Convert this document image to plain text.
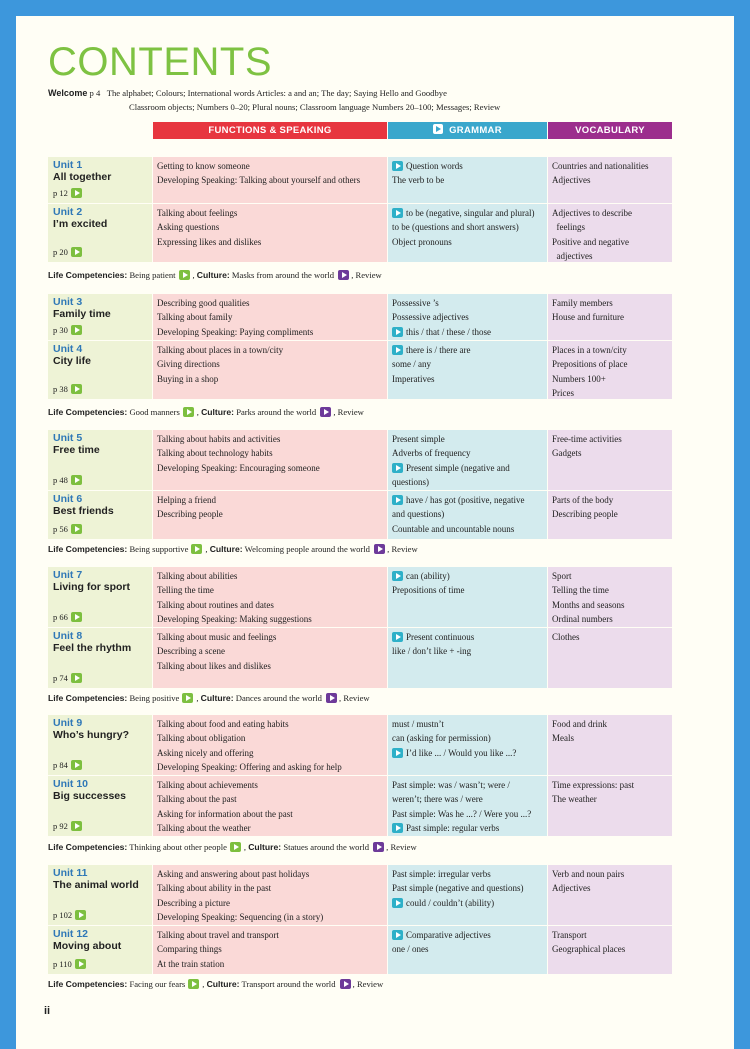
CONTENTS
Welcome p 4 The alphabet; Colours; International words Articles: a and an; The day; Saying Hello and Goodbye
Classroom objects; Numbers 0–20; Plural nouns; Classroom language Numbers 20–100; Messages; Review
FUNCTIONS & SPEAKING	GRAMMAR	VOCABULARY
Unit 1
All together
p 12
Getting to know someone
Developing Speaking: Talking about yourself and others
Question words
The verb to be
Countries and nationalities
Adjectives
Unit 2
I’m excited
p 20
Talking about feelings
Asking questions
Expressing likes and dislikes
to be (negative, singular and plural)
to be (questions and short answers)
Object pronouns
Adjectives to describe
feelings
Positive and negative
adjectives
Life Competencies: Being patient , Culture: Masks from around the world , Review
Unit 3
Family time
p 30
Describing good qualities
Talking about family
Developing Speaking: Paying compliments
Possessive ’s
Possessive adjectives
this / that / these / those
Family members
House and furniture
Unit 4
City life
p 38
Talking about places in a town/city
Giving directions
Buying in a shop
there is / there are
some / any
Imperatives
Places in a town/city
Prepositions of place
Numbers 100+
Prices
Life Competencies: Good manners , Culture: Parks around the world , Review
Unit 5
Free time
p 48
Talking about habits and activities
Talking about technology habits
Developing Speaking: Encouraging someone
Present simple
Adverbs of frequency
Present simple (negative and
questions)
Free-time activities
Gadgets
Unit 6
Best friends
p 56
Helping a friend
Describing people
have / has got (positive, negative
and questions)
Countable and uncountable nouns
Parts of the body
Describing people
Life Competencies: Being supportive , Culture: Welcoming people around the world , Review
Unit 7
Living for sport
p 66
Talking about abilities
Telling the time
Talking about routines and dates
Developing Speaking: Making suggestions
can (ability)
Prepositions of time
Sport
Telling the time
Months and seasons
Ordinal numbers
Unit 8
Feel the rhythm
p 74
Talking about music and feelings
Describing a scene
Talking about likes and dislikes
Present continuous
like / don’t like + -ing
Clothes
Life Competencies: Being positive , Culture: Dances around the world , Review
Unit 9
Who’s hungry?
p 84
Talking about food and eating habits
Talking about obligation
Asking nicely and offering
Developing Speaking: Offering and asking for help
must / mustn’t
can (asking for permission)
I’d like ... / Would you like ...?
Food and drink
Meals
Unit 10
Big successes
p 92
Talking about achievements
Talking about the past
Asking for information about the past
Talking about the weather
Past simple: was / wasn’t; were /
weren’t; there was / were
Past simple: Was he ...? / Were you ...?
Past simple: regular verbs
Time expressions: past
The weather
Life Competencies: Thinking about other people , Culture: Statues around the world , Review
Unit 11
The animal world
p 102
Asking and answering about past holidays
Talking about ability in the past
Describing a picture
Developing Speaking: Sequencing (in a story)
Past simple: irregular verbs
Past simple (negative and questions)
could / couldn’t (ability)
Verb and noun pairs
Adjectives
Unit 12
Moving about
p 110
Talking about travel and transport
Comparing things
At the train station
Comparative adjectives
one / ones
Transport
Geographical places
Life Competencies: Facing our fears , Culture: Transport around the world , Review
ii
